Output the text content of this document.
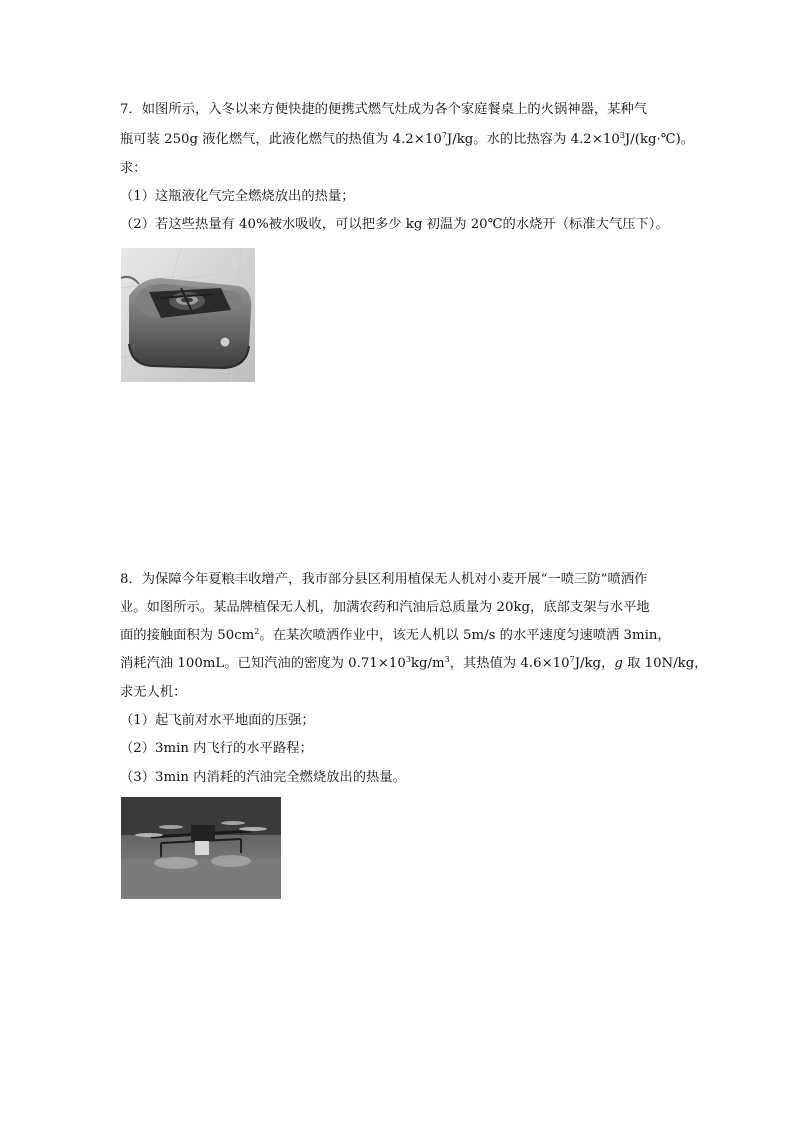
7．如图所示，入冬以来方便快捷的便携式燃气灶成为各个家庭餐桌上的火锅神器，某种气
瓶可装 250g 液化燃气，此液化燃气的热值为 $4.2\times 10^7J/kg$。水的比热容为 $4.2\times 10^3J/(kg\cdot℃)$。
求：
（1）这瓶液化气完全燃烧放出的热量；
（2）若这些热量有 40%被水吸收，可以把多少 kg 初温为 20℃的水烧开（标准大气压下）。
8．为保障今年夏粮丰收增产，我市部分县区利用植保无人机对小麦开展“一喷三防”喷洒作
业。如图所示。某品牌植保无人机，加满农药和汽油后总质量为 20kg，底部支架与水平地
面的接触面积为 $50cm^2$。在某次喷洒作业中，该无人机以 5m/s 的水平速度匀速喷洒 3min，
消耗汽油 100mL。已知汽油的密度为 $0.71\times 10^3kg/m^3$，其热值为 $4.6\times 10^7J/kg$，g 取 10N/kg，
求无人机：
（1）起飞前对水平地面的压强；
（2）3min 内飞行的水平路程；
（3）3min 内消耗的汽油完全燃烧放出的热量。
